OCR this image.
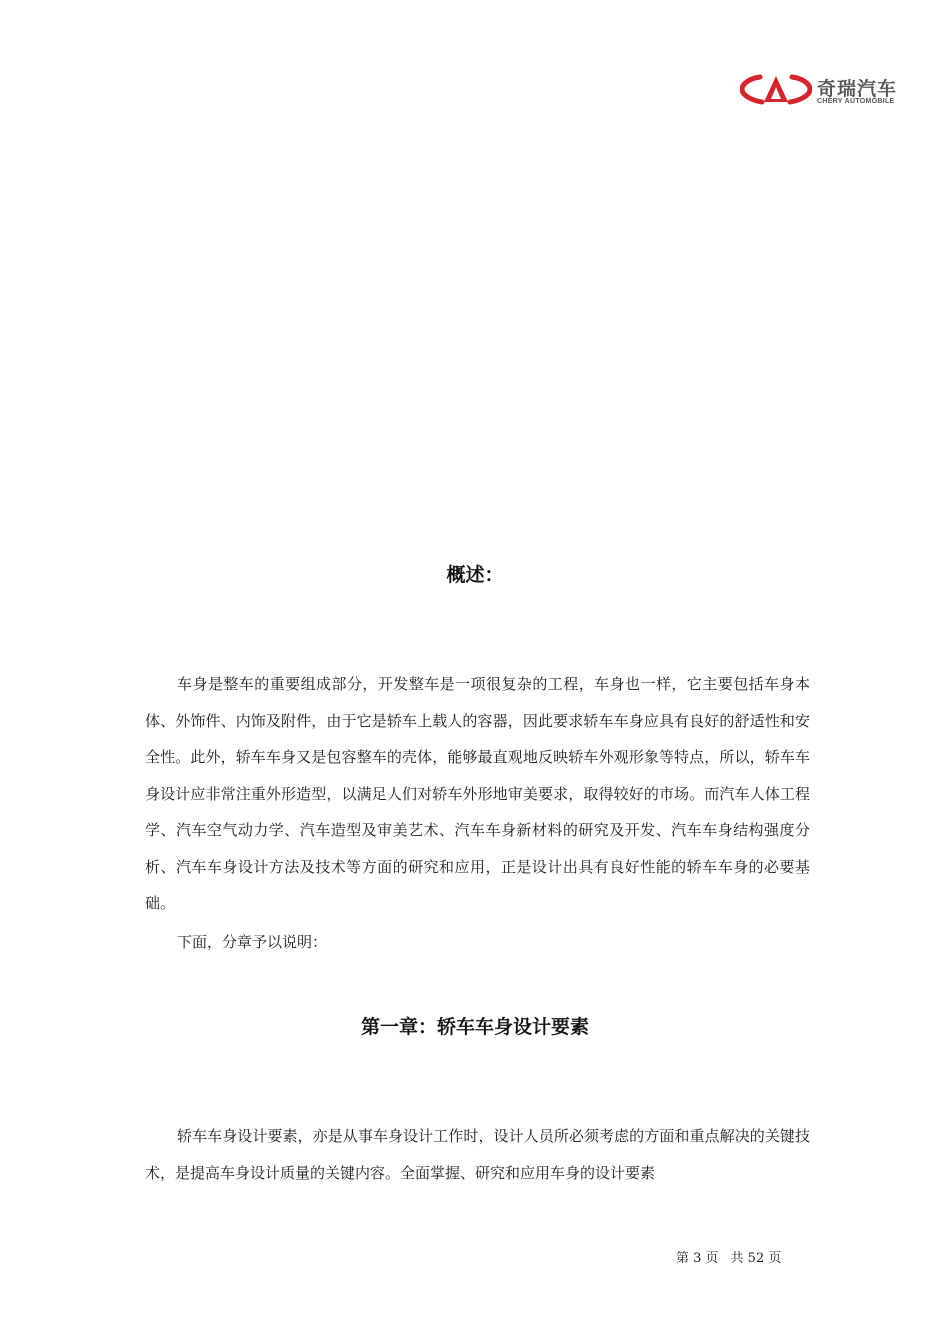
奇瑞汽车
CHERY AUTOMOBILE
概述：

车身是整车的重要组成部分，开发整车是一项很复杂的工程，车身也一样，它主要包括车身本体、外饰件、内饰及附件，由于它是轿车上载人的容器，因此要求轿车车身应具有良好的舒适性和安全性。此外，轿车车身又是包容整车的壳体，能够最直观地反映轿车外观形象等特点，所以，轿车车身设计应非常注重外形造型，以满足人们对轿车外形地审美要求，取得较好的市场。而汽车人体工程学、汽车空气动力学、汽车造型及审美艺术、汽车车身新材料的研究及开发、汽车车身结构强度分析、汽车车身设计方法及技术等方面的研究和应用，正是设计出具有良好性能的轿车车身的必要基础。

下面，分章予以说明：

第一章：轿车车身设计要素

轿车车身设计要素，亦是从事车身设计工作时，设计人员所必须考虑的方面和重点解决的关键技术，是提高车身设计质量的关键内容。全面掌握、研究和应用车身的设计要素

第 3 页 共 52 页
